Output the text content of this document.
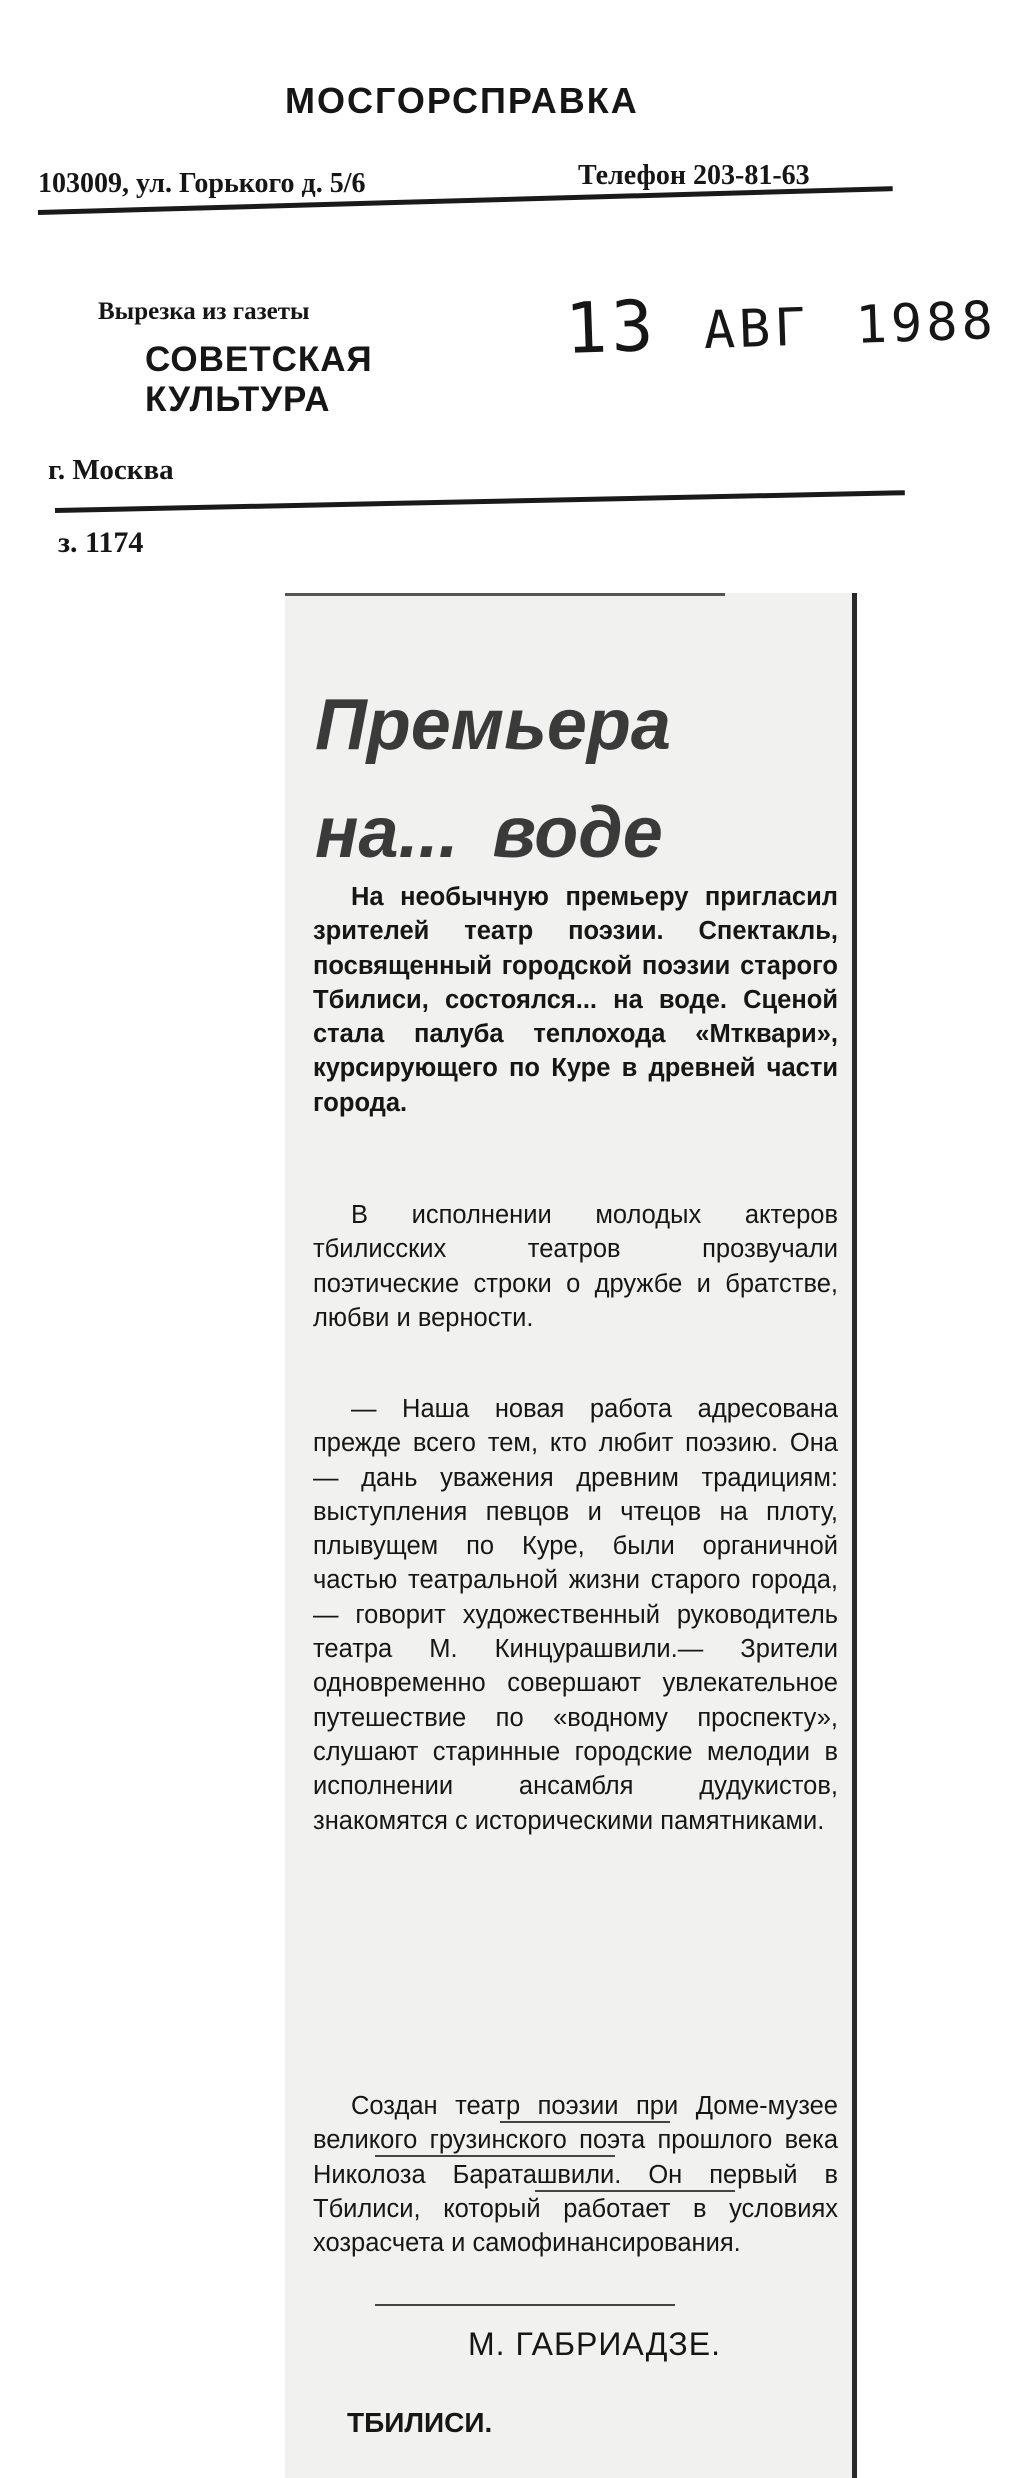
МОСГОРСПРАВКА
103009, ул. Горького д. 5/6	Телефон 203-81-63
Вырезка из газеты
СОВЕТСКАЯ КУЛЬТУРА
13 АВГ 1988
г. Москва
з. 1174
Премьера
на... воде

На необычную премьеру пригласил зрителей театр поэзии. Спектакль, посвященный городской поэзии старого Тбилиси, состоялся... на воде. Сценой стала палуба теплохода «Мтквари», курсирующего по Куре в древней части города.

В исполнении молодых актеров тбилисских театров прозвучали поэтические строки о дружбе и братстве, любви и верности.

— Наша новая работа адресована прежде всего тем, кто любит поэзию. Она — дань уважения древним традициям: выступления певцов и чтецов на плоту, плывущем по Куре, были органичной частью театральной жизни старого города,— говорит художественный руководитель театра М. Кинцурашвили.— Зрители одновременно совершают увлекательное путешествие по «водному проспекту», слушают старинные городские мелодии в исполнении ансамбля дудукистов, знакомятся с историческими памятниками.

Создан театр поэзии при Доме-музее великого грузинского поэта прошлого века Николоза Бараташвили. Он первый в Тбилиси, который работает в условиях хозрасчета и самофинансирования.

М. ГАБРИАДЗЕ.
ТБИЛИСИ.
